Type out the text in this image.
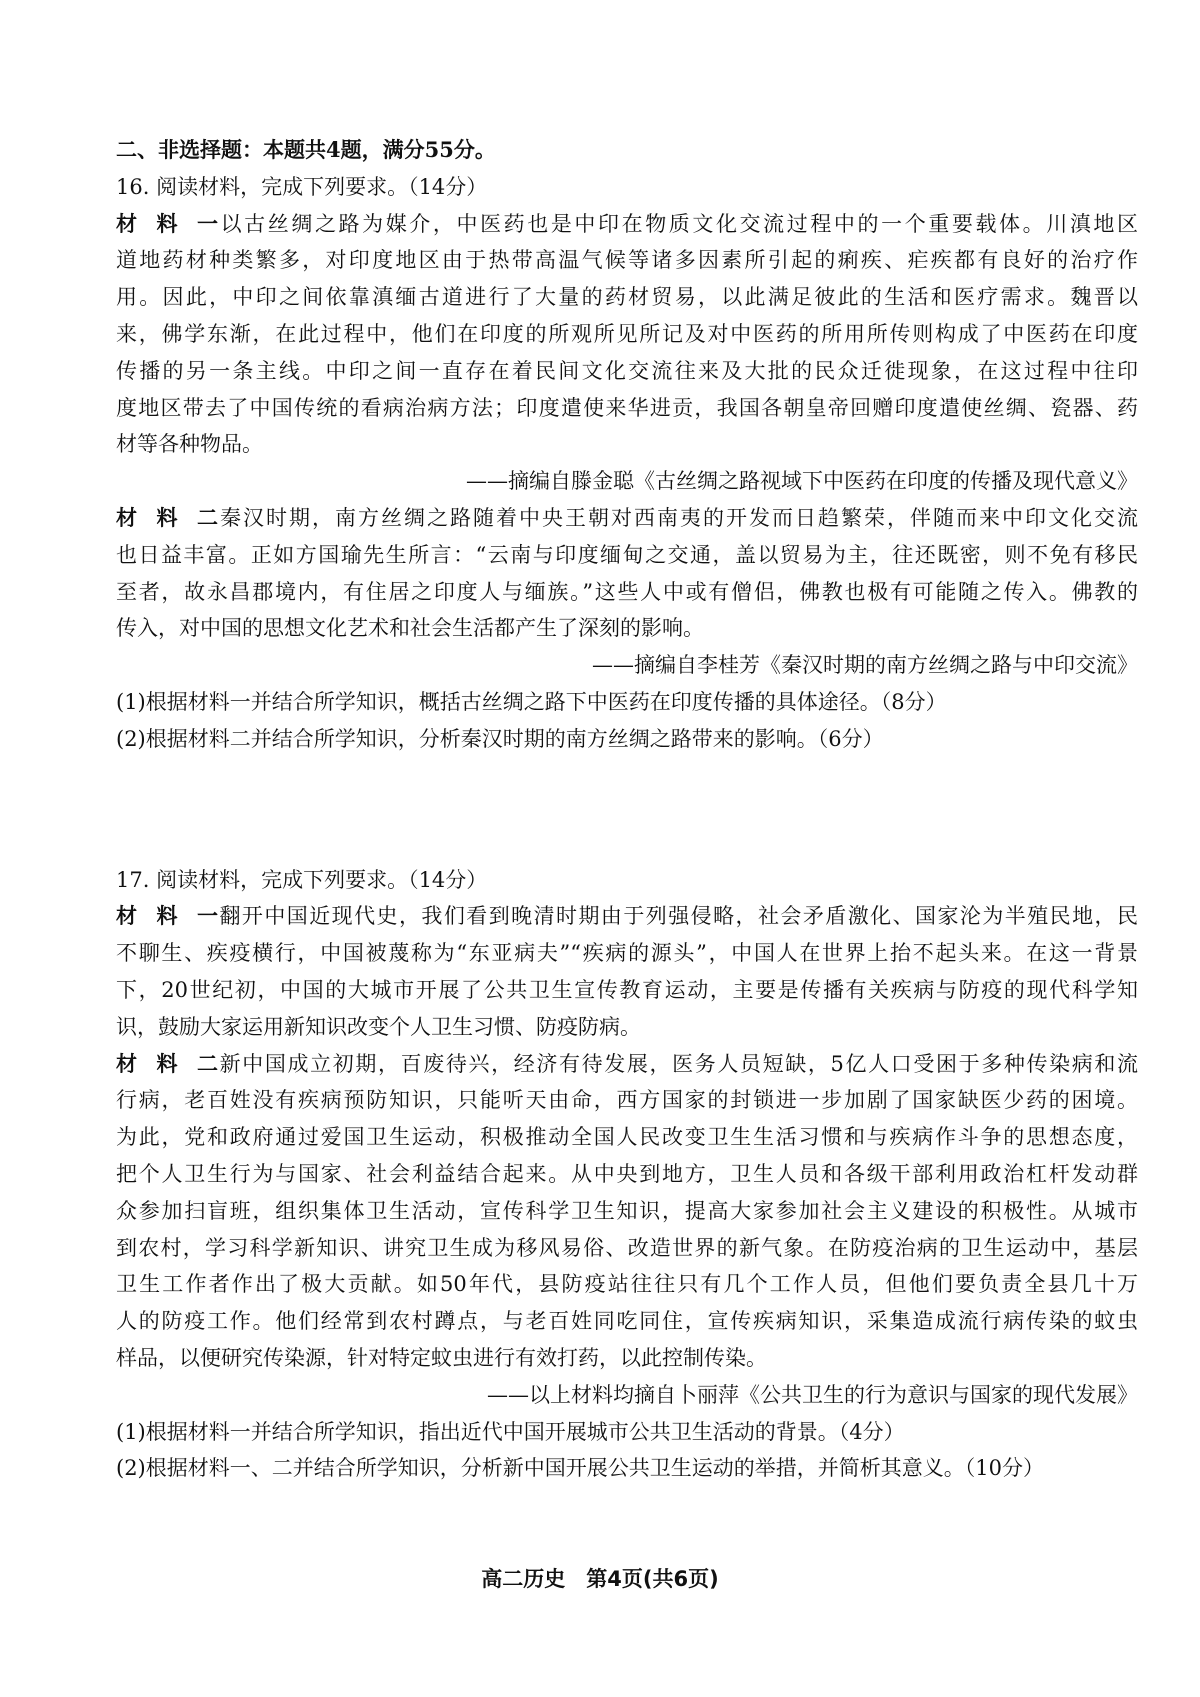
二、非选择题：本题共4题，满分55分。

16. 阅读材料，完成下列要求。（14分）

材料一以古丝绸之路为媒介，中医药也是中印在物质文化交流过程中的一个重要载体。川滇地区

道地药材种类繁多，对印度地区由于热带高温气候等诸多因素所引起的痢疾、疟疾都有良好的治疗作

用。因此，中印之间依靠滇缅古道进行了大量的药材贸易，以此满足彼此的生活和医疗需求。魏晋以

来，佛学东渐，在此过程中，他们在印度的所观所见所记及对中医药的所用所传则构成了中医药在印度

传播的另一条主线。中印之间一直存在着民间文化交流往来及大批的民众迁徙现象，在这过程中往印

度地区带去了中国传统的看病治病方法；印度遣使来华进贡，我国各朝皇帝回赠印度遣使丝绸、瓷器、药

材等各种物品。

——摘编自滕金聪《古丝绸之路视域下中医药在印度的传播及现代意义》

材料二秦汉时期，南方丝绸之路随着中央王朝对西南夷的开发而日趋繁荣，伴随而来中印文化交流

也日益丰富。正如方国瑜先生所言：“云南与印度缅甸之交通，盖以贸易为主，往还既密，则不免有移民

至者，故永昌郡境内，有住居之印度人与缅族。”这些人中或有僧侣，佛教也极有可能随之传入。佛教的

传入，对中国的思想文化艺术和社会生活都产生了深刻的影响。

——摘编自李桂芳《秦汉时期的南方丝绸之路与中印交流》

(1)根据材料一并结合所学知识，概括古丝绸之路下中医药在印度传播的具体途径。（8分）

(2)根据材料二并结合所学知识，分析秦汉时期的南方丝绸之路带来的影响。（6分）

17. 阅读材料，完成下列要求。（14分）

材料一翻开中国近现代史，我们看到晚清时期由于列强侵略，社会矛盾激化、国家沦为半殖民地，民

不聊生、疾疫横行，中国被蔑称为“东亚病夫”“疾病的源头”，中国人在世界上抬不起头来。在这一背景

下，20世纪初，中国的大城市开展了公共卫生宣传教育运动，主要是传播有关疾病与防疫的现代科学知

识，鼓励大家运用新知识改变个人卫生习惯、防疫防病。

材料二新中国成立初期，百废待兴，经济有待发展，医务人员短缺，5亿人口受困于多种传染病和流

行病，老百姓没有疾病预防知识，只能听天由命，西方国家的封锁进一步加剧了国家缺医少药的困境。

为此，党和政府通过爱国卫生运动，积极推动全国人民改变卫生生活习惯和与疾病作斗争的思想态度，

把个人卫生行为与国家、社会利益结合起来。从中央到地方，卫生人员和各级干部利用政治杠杆发动群

众参加扫盲班，组织集体卫生活动，宣传科学卫生知识，提高大家参加社会主义建设的积极性。从城市

到农村，学习科学新知识、讲究卫生成为移风易俗、改造世界的新气象。在防疫治病的卫生运动中，基层

卫生工作者作出了极大贡献。如50年代，县防疫站往往只有几个工作人员，但他们要负责全县几十万

人的防疫工作。他们经常到农村蹲点，与老百姓同吃同住，宣传疾病知识，采集造成流行病传染的蚊虫

样品，以便研究传染源，针对特定蚊虫进行有效打药，以此控制传染。

——以上材料均摘自卜丽萍《公共卫生的行为意识与国家的现代发展》

(1)根据材料一并结合所学知识，指出近代中国开展城市公共卫生活动的背景。（4分）

(2)根据材料一、二并结合所学知识，分析新中国开展公共卫生运动的举措，并简析其意义。（10分）

高二历史　第4页(共6页)
